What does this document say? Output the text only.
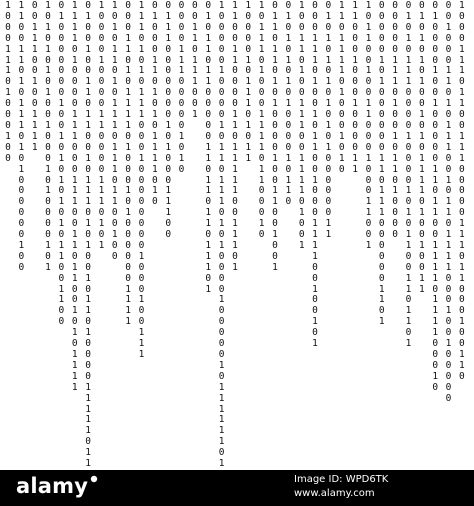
1
0
0
0
1
1
1
0
1
0
0
0
1
0
0
1
1
0
0
1
1
0
1
0
1
1
1
0
1
0
1
0
0
0
0
0
0
1
0
0
0
0
1
1
1
0
0
1
0
0
1
1
1
1
1
0
1
0
1
0
1
0
1
0
0
1
0
0
0
1
0
1
0
0
0
0
1
0
1
0
1
0
0
0
0
0
0
0
1
0
0
1
0
1
0
1
0
1
0
1
0
1
1
0
0
1
1
0
0
1
1
1
1
0
1
0
0
0
0
1
1
1
0
0
0
1
1
1
0
0
1
1
0
1
1
0
0
1
0
1
0
1
1
1
1
0
1
0
0
1
0
0
1
1
0
1
1
0
0
1
0
1
1
1
0
1
0
1
0
0
1
0
1
1
0
1
0
0
0
0
1
1
1
1
1
0
1
1

1
0
0
0
0
1
0
0
0
0
1
1
0
0
0
0
1
1
1
0
1
0
1
1
0
1
0
1
1
0
1
0
1
1
1
0
1
1
1
0
1
1
0
0
1
0
0
0
0
0
1
1
0
1
0
1
1
1
1
0
1
0
0
0
1
0
1
0
0
0
0
0
0
1
1
1
1
1
1
1
0
1
0
1
0
1
1
1
0
0
0
1
0
0
0
0
0
0
0
0
1
0
0
0
1
0
0
1
1
1
0
1
0
0
0
1
1
0
1
0
1
0
1
1
1
1
0
1
0
0
1
1
1
0
0
0
0
0
0
0
1
0
1
0
0
0
1
1
1
0
0
0
0
0
0
1
1
1
0
0
0
0
0
1
0
1
0
0
0
1
1
0
1
1
1
0
0
1
0
1
0
1
1
0
1
1
0
0
0
0
0
1
1
0
1
1
0
1
1
0
1
1
1
0
1
1
0
0
0
0
0
1
0
0
0
0
1
0
1
1
0
1
1
1
0
1
0
1
0
0
0
0
1
0
0
0
0
0
1
0
1
1
1
1
1
1
0
1

1
1
0
0
1
1
0
0
0
0
1
1
0
1
1
1
1
1
0
0
1
1
1
0
1
1
0
0
0
0
1
0
1
1
1
0
1
0
1
1
1
0
1
1
1
0
1
0
0
0
1
1
1
1
0
1
1
0
0
0
1
0
0
1
1
0
1
1
0
1
0
1
0
0
0
0
1
0
0
1
1
0
0
1
0
0
1
0
1
0
1
0
1
0
1
0
1
0
0
0
0
1
0
1
1
0
1
0
0
1
1
0
1
0
0
1
1
1
0
0
1
1
1
1
0
1
0
0
1
0
0
0
1
1
1
0
1
0
0
1
0
1
1
0
0
1
0
0
0
1
1
1
1
0
0
1
0
0
1
0
1
0
1
0
1
0
1
0
1
0
1
0
1
0
1
0
0
0
0
0
0
1
1
1
1
0
1
1
1
1
0
1
0
0
0
1
0
1
0
1
1
0
0
0
1
0
0
0
1
0
0
0
0
1
1
1
0
1
1
0
0
1
0
0
1
1
0
0
0
1
0
0
0
1
1
0
0
1
0
0
0
0
0
1
0
1
0
0
0
0
0
0
1
1
0
1
1
1
0
0
0
0
0
0
1
1
0
1
0
0
0
0
0
1
1
1
0
1
0
0
1
0
1
1
0
1
0
0
0
0
0
1
0
1
0
1
1
1
0
0
0
0
1
0
0
0
0
1
0
1
0
1
1
0
0
1
1
0
1
1
0
1
0
1
0
1
0
1
0
1
0
0
1
0
1
0
1
1
1
1
0
1
0
0
1
0
0
1
1
0
1
0
0
0
0
1
0
0
1
0
0
0
0
0
1
1
0
1
1
0
0
1
1
1
1
0
1
1
1
1
0
0
0
1
0
0
0
1
0
0
0
1
1
0
1
0
1
1
1
0
0
1
0
1
1
0
1
1
1
1
0
0
0
1
0
0
1
0
0
0
0
0
1
0
0
0
1
1
1
0
1
1
0
0
1
1
1
0
0
0
0
0
1
1
1
0
1
1
0
0
0
1
0
0
1
1
0
alamy	Image ID: WPD6TK
www.alamy.com
